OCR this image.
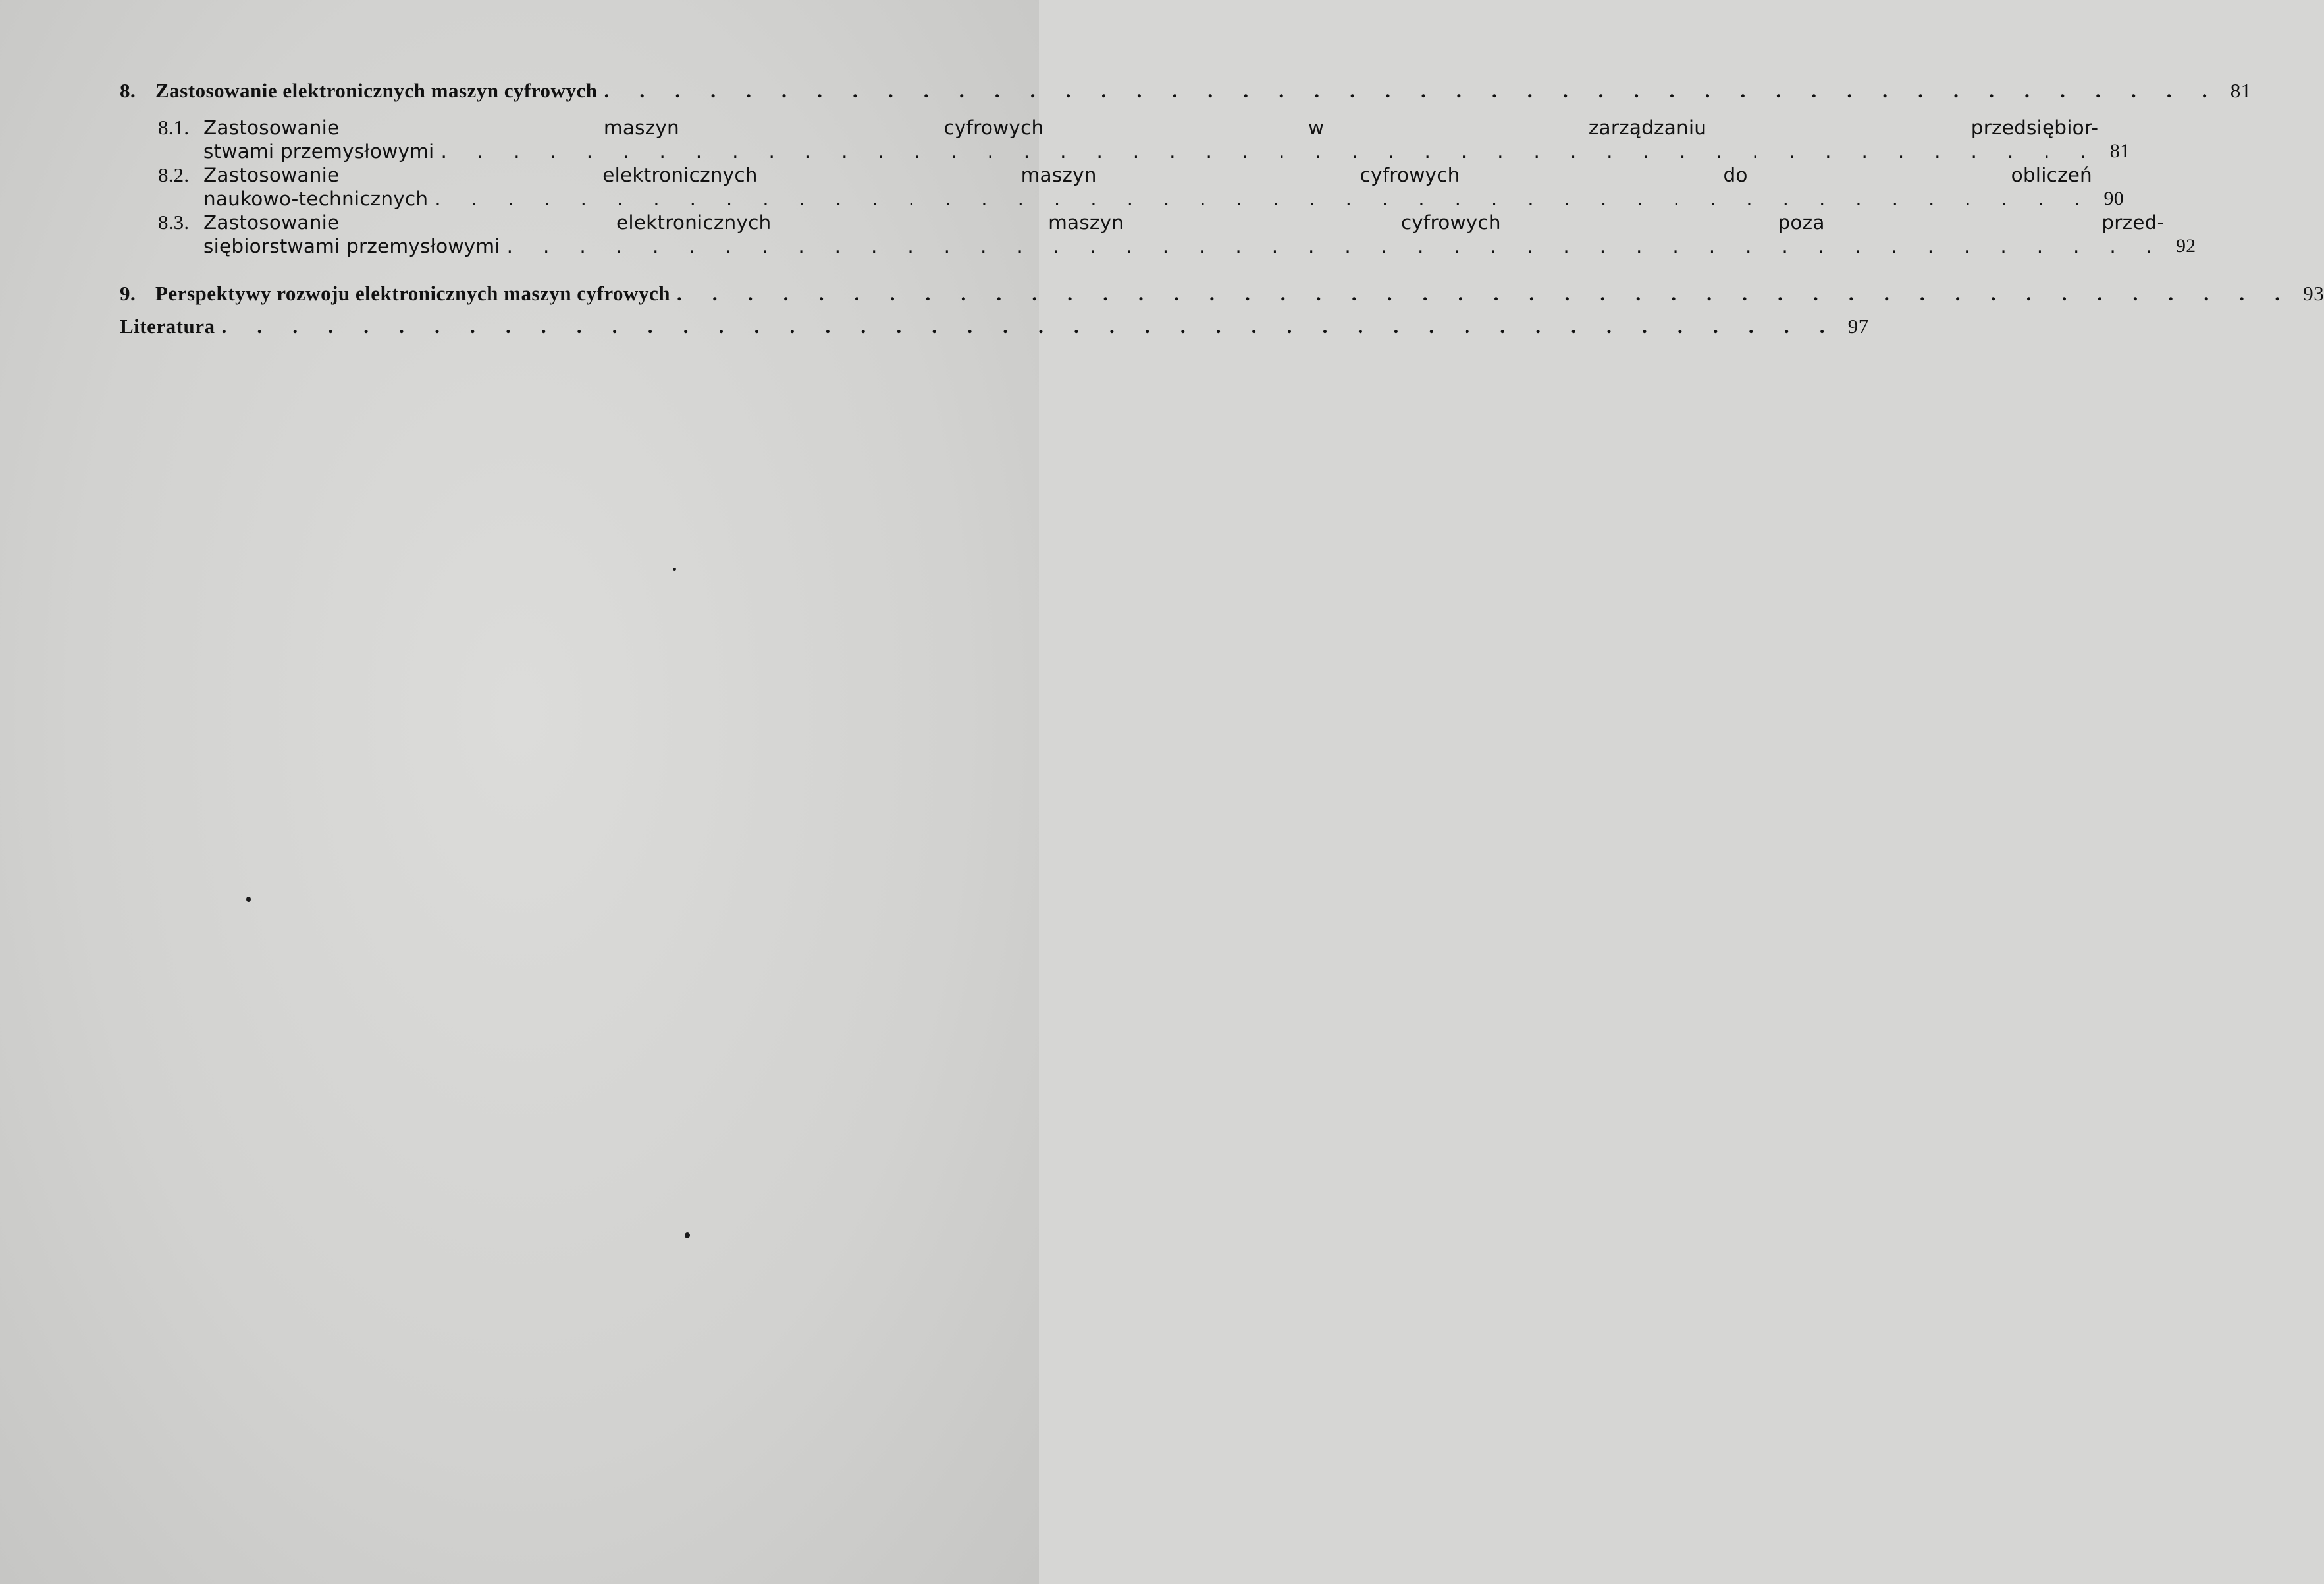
8. Zastosowanie elektronicznych maszyn cyfrowych . . . . . . . . . . . . . . . . . . . . . . . . . . . . . . . . . . . . . . . . . . . . . . 81
8.1. Zastosowanie maszyn cyfrowych w zarządzaniu przedsiębior-
stwami przemysłowymi . . . . . . . . . . . . . . . . . . . . . . . . . . . . . . . . . . . . . . . . . . . . . . 81
8.2. Zastosowanie elektronicznych maszyn cyfrowych do obliczeń
naukowo-technicznych . . . . . . . . . . . . . . . . . . . . . . . . . . . . . . . . . . . . . . . . . . . . . . 90
8.3. Zastosowanie elektronicznych maszyn cyfrowych poza przed-
siębiorstwami przemysłowymi . . . . . . . . . . . . . . . . . . . . . . . . . . . . . . . . . . . . . . . . . . . . . . 92
9. Perspektywy rozwoju elektronicznych maszyn cyfrowych . . . . . . . . . . . . . . . . . . . . . . . . . . . . . . . . . . . . . . . . . . . . . . 93
Literatura . . . . . . . . . . . . . . . . . . . . . . . . . . . . . . . . . . . . . . . . . . . . . . 97
